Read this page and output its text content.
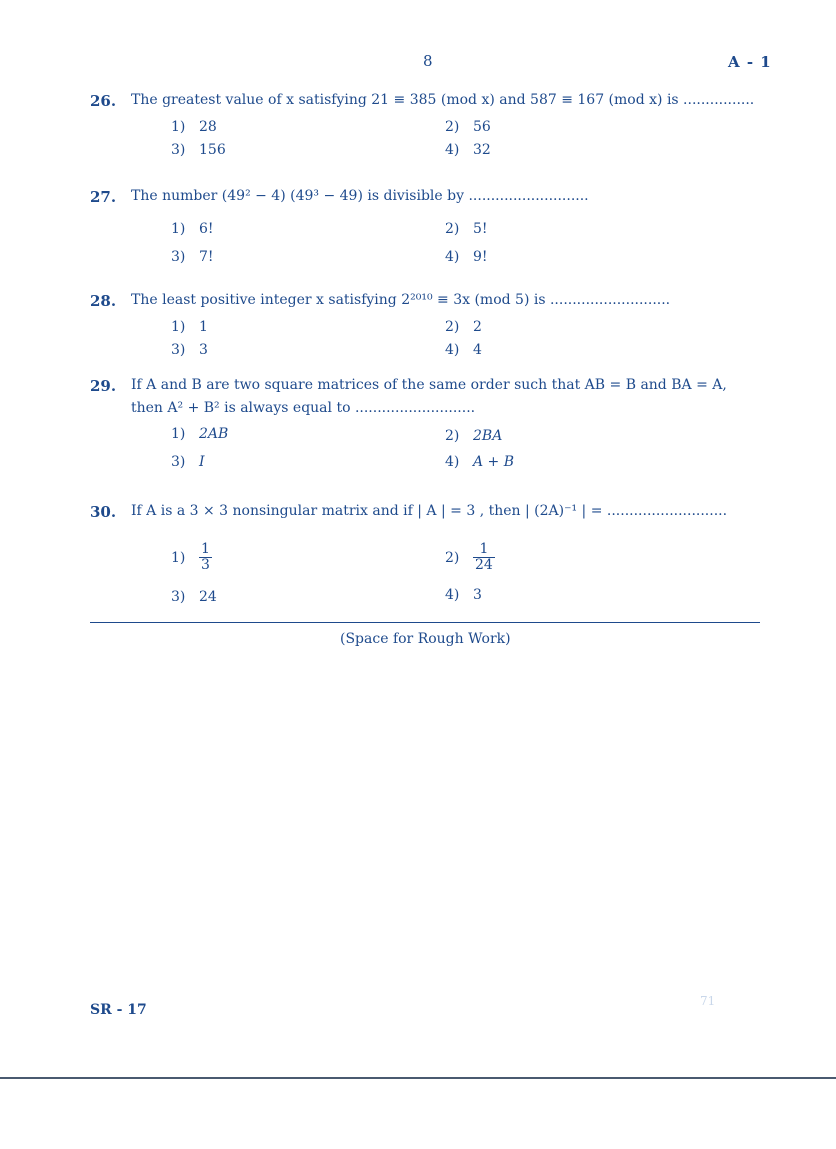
8	A - 1
26. The greatest value of x satisfying 21 ≡ 385 (mod x) and 587 ≡ 167 (mod x) is ................
1) 28	2) 56
3) 156	4) 32
27. The number (49² − 4) (49³ − 49) is divisible by ...........................
1) 6!	2) 5!
3) 7!	4) 9!
28. The least positive integer x satisfying 2²⁰¹⁰ ≡ 3x (mod 5) is ...........................
1) 1	2) 2
3) 3	4) 4
29. If A and B are two square matrices of the same order such that AB = B and BA = A,
then A² + B² is always equal to ...........................
1) 2AB	2) 2BA
3) I	4) A + B
30. If A is a 3 × 3 nonsingular matrix and if | A | = 3 , then | (2A)⁻¹ | = ...........................
$1) \frac{1}{3}$	$2) \frac{1}{24}$
3) 24	4) 3
(Space for Rough Work)
SR - 17
71
